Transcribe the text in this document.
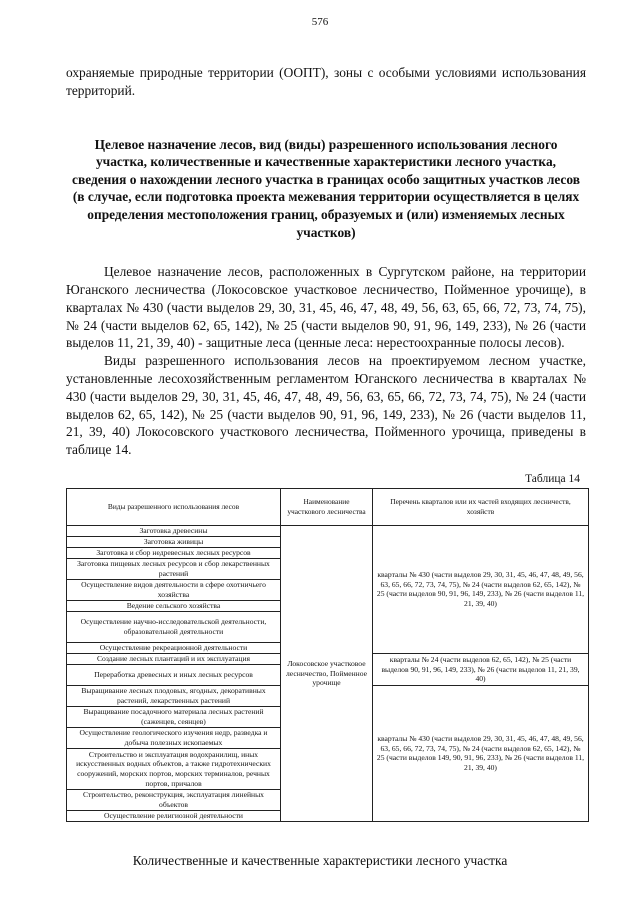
576

охраняемые природные территории (ООПТ), зоны с особыми условиями использования территорий.

Целевое назначение лесов, вид (виды) разрешенного использования лесного участка, количественные и качественные характеристики лесного участка, сведения о нахождении лесного участка в границах особо защитных участков лесов (в случае, если подготовка проекта межевания территории осуществляется в целях определения местоположения границ, образуемых и (или) изменяемых лесных участков)

Целевое назначение лесов, расположенных в Сургутском районе, на территории Юганского лесничества (Локосовское участковое лесничество, Пойменное урочище), в кварталах № 430 (части выделов 29, 30, 31, 45, 46, 47, 48, 49, 56, 63, 65, 66, 72, 73, 74, 75), № 24 (части выделов 62, 65, 142), № 25 (части выделов 90, 91, 96, 149, 233), № 26 (части выделов 11, 21, 39, 40) - защитные леса (ценные леса: нерестоохранные полосы лесов).

Виды разрешенного использования лесов на проектируемом лесном участке, установленные лесохозяйственным регламентом Юганского лесничества в кварталах № 430 (части выделов 29, 30, 31, 45, 46, 47, 48, 49, 56, 63, 65, 66, 72, 73, 74, 75), № 24 (части выделов 62, 65, 142), № 25 (части выделов 90, 91, 96, 149, 233), № 26 (части выделов 11, 21, 39, 40) Локосовского участкового лесничества, Пойменного урочища, приведены в таблице 14.

Таблица 14
Виды разрешенного использования лесов	Наименование участкового лесничества	Перечень кварталов или их частей входящих лесничеств, хозяйств
Заготовка древесины	Локосовское участковое лесничество, Пойменное урочище	кварталы № 430 (части выделов 29, 30, 31, 45, 46, 47, 48, 49, 56, 63, 65, 66, 72, 73, 74, 75), № 24 (части выделов 62, 65, 142), № 25 (части выделов 90, 91, 96, 149, 233), № 26 (части выделов 11, 21, 39, 40)
Заготовка живицы		
Заготовка и сбор недревесных лесных ресурсов		
Заготовка пищевых лесных ресурсов и сбор лекарственных растений		
Осуществление видов деятельности в сфере охотничьего хозяйства		
Ведение сельского хозяйства		
Осуществление научно-исследовательской деятельности, образовательной деятельности		
Осуществление рекреационной деятельности		
Создание лесных плантаций и их эксплуатация		кварталы № 24 (части выделов 62, 65, 142), № 25 (части выделов 90, 91, 96, 149, 233), № 26 (части выделов 11, 21, 39, 40)
Переработка древесных и иных лесных ресурсов		
Выращивание лесных плодовых, ягодных, декоративных растений, лекарственных растений		кварталы № 430 (части выделов 29, 30, 31, 45, 46, 47, 48, 49, 56, 63, 65, 66, 72, 73, 74, 75), № 24 (части выделов 62, 65, 142), № 25 (части выделов 149, 90, 91, 96, 233), № 26 (части выделов 11, 21, 39, 40)
Выращивание посадочного материала лесных растений (саженцев, сеянцев)		
Осуществление геологического изучения недр, разведка и добыча полезных ископаемых		
Строительство и эксплуатация водохранилищ, иных искусственных водных объектов, а также гидротехнических сооружений, морских портов, морских терминалов, речных портов, причалов		
Строительство, реконструкция, эксплуатация линейных объектов		
Осуществление религиозной деятельности		
Количественные и качественные характеристики лесного участка
